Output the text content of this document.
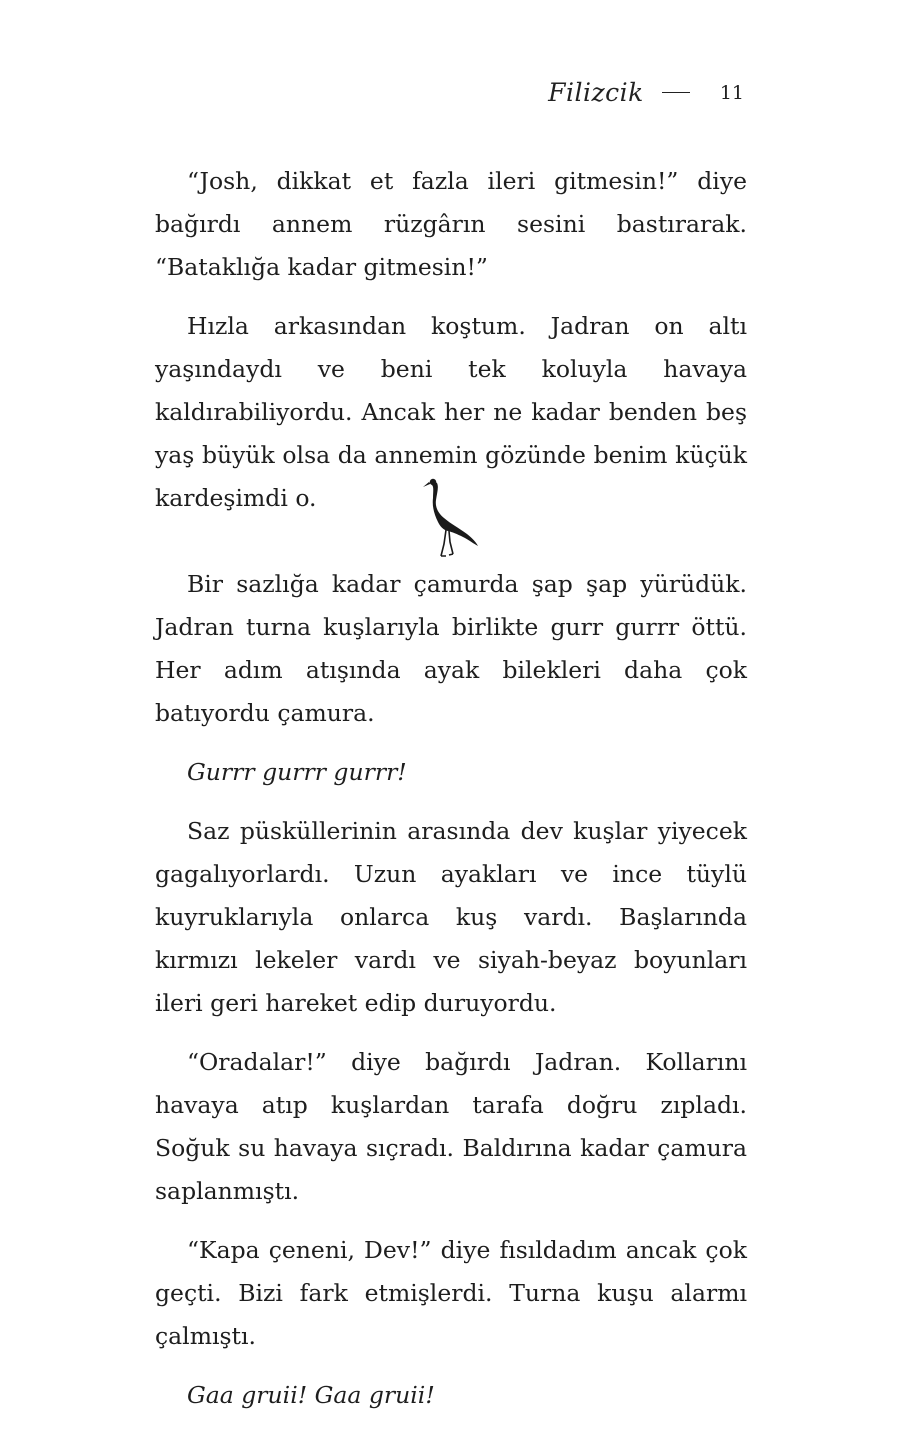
Filizcik	11

“Josh, dikkat et fazla ileri gitmesin!” diye bağırdı annem rüzgârın sesini bastırarak. “Bataklığa kadar gitmesin!”

Hızla arkasından koştum. Jadran on altı yaşındaydı ve beni tek koluyla havaya kaldırabiliyordu. Ancak her ne kadar benden beş yaş büyük olsa da annemin gözünde benim küçük kardeşimdi o.

Bir sazlığa kadar çamurda şap şap yürüdük. Jadran turna kuşlarıyla birlikte gurr gurrr öttü. Her adım atışında ayak bilekleri daha çok batıyordu çamura.

Gurrr gurrr gurrr!

Saz püsküllerinin arasında dev kuşlar yiyecek gagalıyorlardı. Uzun ayakları ve ince tüylü kuyruklarıyla onlarca kuş vardı. Başlarında kırmızı lekeler vardı ve siyah-beyaz boyunları ileri geri hareket edip duruyordu.

“Oradalar!” diye bağırdı Jadran. Kollarını havaya atıp kuşlardan tarafa doğru zıpladı. Soğuk su havaya sıçradı. Baldırına kadar çamura saplanmıştı.

“Kapa çeneni, Dev!” diye fısıldadım ancak çok geçti. Bizi fark etmişlerdi. Turna kuşu alarmı çalmıştı.

Gaa gruii! Gaa gruii!
